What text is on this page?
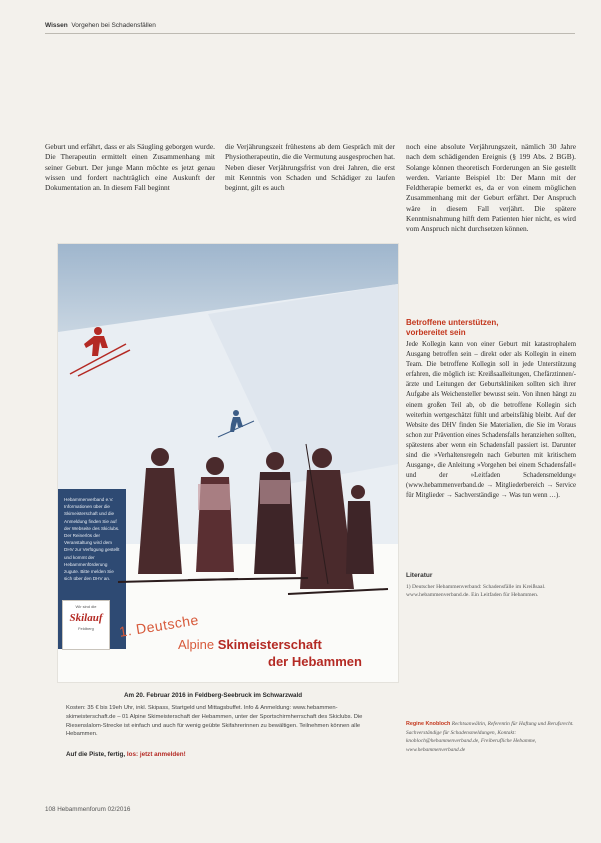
Wissen Vorgehen bei Schadensfällen

Geburt und erfährt, dass er als Säugling geborgen wurde. Die Therapeutin ermittelt einen Zusammenhang mit seiner Geburt. Der junge Mann möchte es jetzt genau wissen und fordert nachträglich eine Auskunft der Dokumentation an. In diesem Fall beginnt

die Verjährungszeit frühestens ab dem Gespräch mit der Physiotherapeutin, die die Vermutung ausgesprochen hat. Neben dieser Verjährungsfrist von drei Jahren, die erst mit Kenntnis von Schaden und Schädiger zu laufen beginnt, gilt es auch

noch eine absolute Verjährungszeit, nämlich 30 Jahre nach dem schädigenden Ereignis (§ 199 Abs. 2 BGB). Solange können theoretisch Forderungen an Sie gestellt werden. Variante Beispiel 1b: Der Mann mit der Feldtherapie bemerkt es, da er von einem möglichen Zusammenhang mit der Geburt erfährt. Der Anspruch wäre in diesem Fall verjährt. Die spätere Kenntnisnahmung hilft dem Patienten hier nicht, es wird vom Anspruch nicht durchsetzen können.

Hebammenverband e.V. Informationen über die Skimeisterschaft und die Anmeldung finden Sie auf der Webseite des Skiclubs. Der Reinerlös der Veranstaltung wird dem DHV zur Verfügung gestellt und kommt der Hebammenförderung zugute. Bitte melden Sie sich über den DHV an.
1. Deutsche
Alpine Skimeisterschaft
der Hebammen
Wir sind die
Skilauf
Feldberg
Am 20. Februar 2016 in Feldberg-Seebruck im Schwarzwald
Kosten: 35 € bis 19eh Uhr, inkl. Skipass, Startgeld und Mittagsbuffet. Info & Anmeldung: www.hebammen-skimeisterschaft.de – 01 Alpine Skimeisterschaft der Hebammen, unter der Sportschirmherrschaft des Skiclubs. Die Riesenslalom-Strecke ist einfach und auch für wenig geübte Skifahrerinnen zu bewältigen. Teilnehmen können alle Hebammen.
Auf die Piste, fertig, los: jetzt anmelden!
Betroffene unterstützen,
vorbereitet sein

Jede Kollegin kann von einer Geburt mit katastrophalem Ausgang betroffen sein – direkt oder als Kollegin in einem Team. Die betroffene Kollegin soll in jede Unterstützung erfahren, die möglich ist: Kreißsaalleitungen, Chefärztinnen/-ärzte und Leitungen der Geburtskliniken sollten sich ihrer Aufgabe als Weichensteller bewusst sein. Von ihnen hängt zu einem großen Teil ab, ob die betroffene Kollegin sich weiterhin wertgeschätzt fühlt und arbeitsfähig bleibt. Auf der Website des DHV finden Sie Materialien, die Sie im Voraus schon zur Prävention eines Schadensfalls heranziehen sollten, spätestens aber wenn ein Schadensfall passiert ist. Darunter sind die »Verhaltensregeln nach Geburten mit kritischem Ausgang«, die Anleitung »Vorgehen bei einem Schadensfall« und der »Leitfaden Schadensmeldung« (www.hebammenverband.de → Mitgliederbereich → Service für Mitglieder → Sachverständige → Was tun wenn …).

Literatur
1) Deutscher Hebammenverband: Schadensfälle im Kreißsaal. www.hebammenverband.de. Ein Leitfaden für Hebammen.
Regine Knobloch Rechtsanwältin, Referentin für Haftung und Berufsrecht. Sachverständige für Schadensmeldungen, Kontakt: knobloch@hebammenverband.de, Freiberufliche Hebamme, www.hebammenverband.de
108 Hebammenforum 02/2016
